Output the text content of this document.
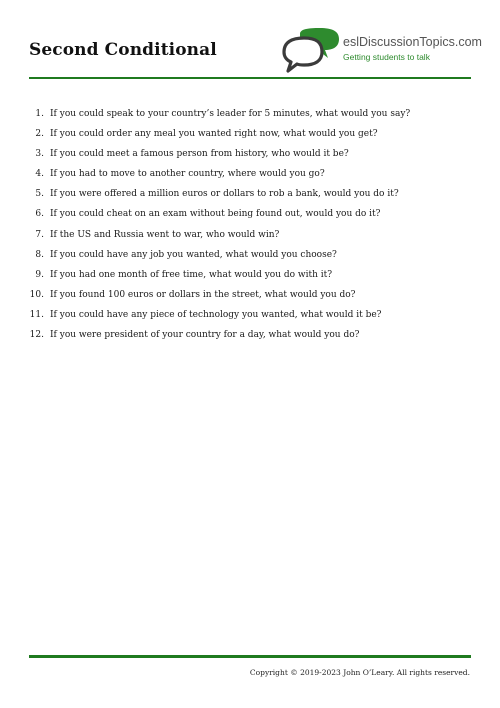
Second Conditional	eslDiscussionTopics.com
Getting students to talk
1. If you could speak to your country’s leader for 5 minutes, what would you say?
2. If you could order any meal you wanted right now, what would you get?
3. If you could meet a famous person from history, who would it be?
4. If you had to move to another country, where would you go?
5. If you were offered a million euros or dollars to rob a bank, would you do it?
6. If you could cheat on an exam without being found out, would you do it?
7. If the US and Russia went to war, who would win?
8. If you could have any job you wanted, what would you choose?
9. If you had one month of free time, what would you do with it?
10. If you found 100 euros or dollars in the street, what would you do?
11. If you could have any piece of technology you wanted, what would it be?
12. If you were president of your country for a day, what would you do?
Copyright © 2019-2023 John O’Leary. All rights reserved.
